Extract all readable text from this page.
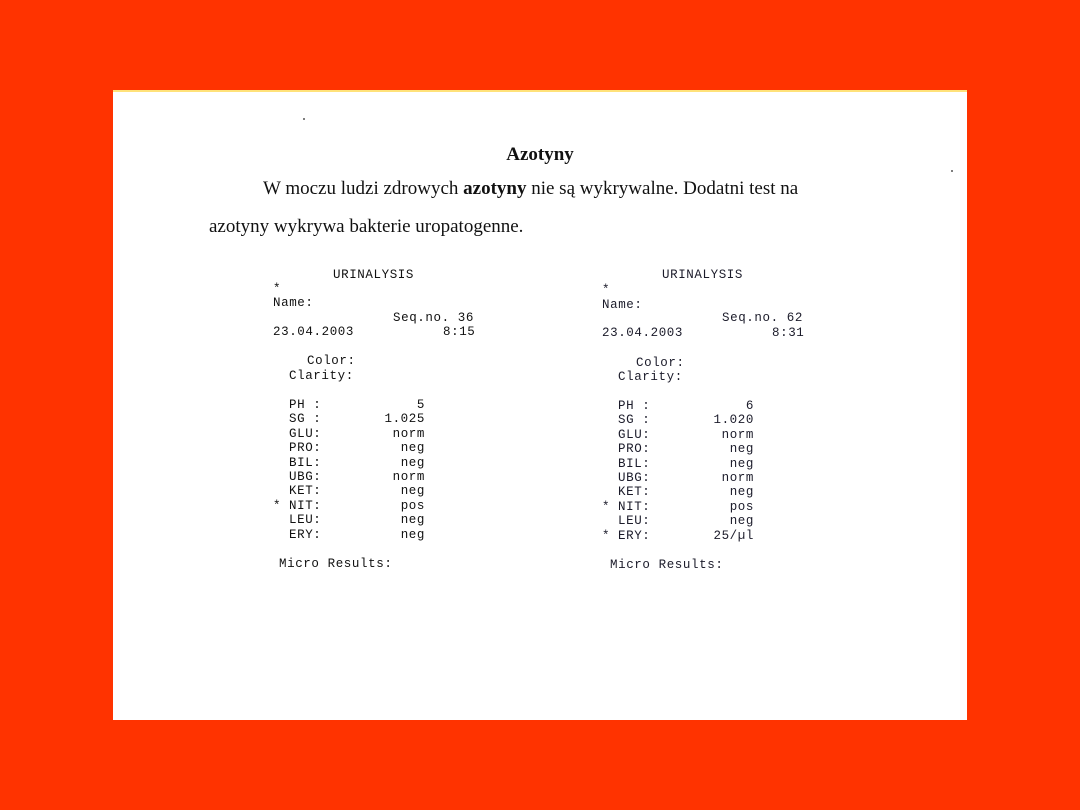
Azotyny
W moczu ludzi zdrowych azotyny nie są wykrywalne. Dodatni test na
azotyny wykrywa bakterie uropatogenne.
URINALYSIS
*
Name:
Seq.no. 36
23.04.2003	8:15
Color:
Clarity:
PH :	5
SG :	1.025
GLU:	norm
PRO:	neg
BIL:	neg
UBG:	norm
KET:	neg
* NIT:	pos
LEU:	neg
ERY:	neg
Micro Results:
URINALYSIS
*
Name:
Seq.no. 62
23.04.2003	8:31
Color:
Clarity:
PH :	6
SG :	1.020
GLU:	norm
PRO:	neg
BIL:	neg
UBG:	norm
KET:	neg
* NIT:	pos
LEU:	neg
* ERY:	25/µl
Micro Results:
